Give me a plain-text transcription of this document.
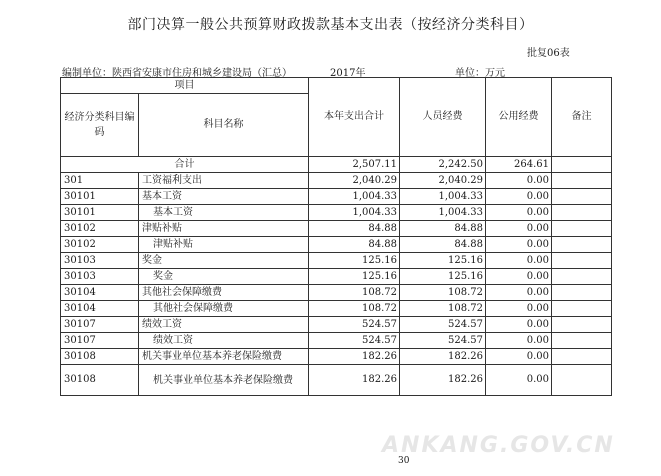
部门决算一般公共预算财政拨款基本支出表（按经济分类科目）
批复06表
编制单位：陕西省安康市住房和城乡建设局（汇总）	2017年	单位：万元
项目		本年支出合计	人员经费	公用经费	备注
经济分类科目编码	科目名称				
合计		2,507.11	2,242.50	264.61	
301	工资福利支出	2,040.29	2,040.29	0.00	
30101	基本工资	1,004.33	1,004.33	0.00	
30101	基本工资	1,004.33	1,004.33	0.00	
30102	津贴补贴	84.88	84.88	0.00	
30102	津贴补贴	84.88	84.88	0.00	
30103	奖金	125.16	125.16	0.00	
30103	奖金	125.16	125.16	0.00	
30104	其他社会保障缴费	108.72	108.72	0.00	
30104	其他社会保障缴费	108.72	108.72	0.00	
30107	绩效工资	524.57	524.57	0.00	
30107	绩效工资	524.57	524.57	0.00	
30108	机关事业单位基本养老保险缴费	182.26	182.26	0.00	
30108	机关事业单位基本养老保险缴费	182.26	182.26	0.00	
ANKANG.GOV.CN
30
